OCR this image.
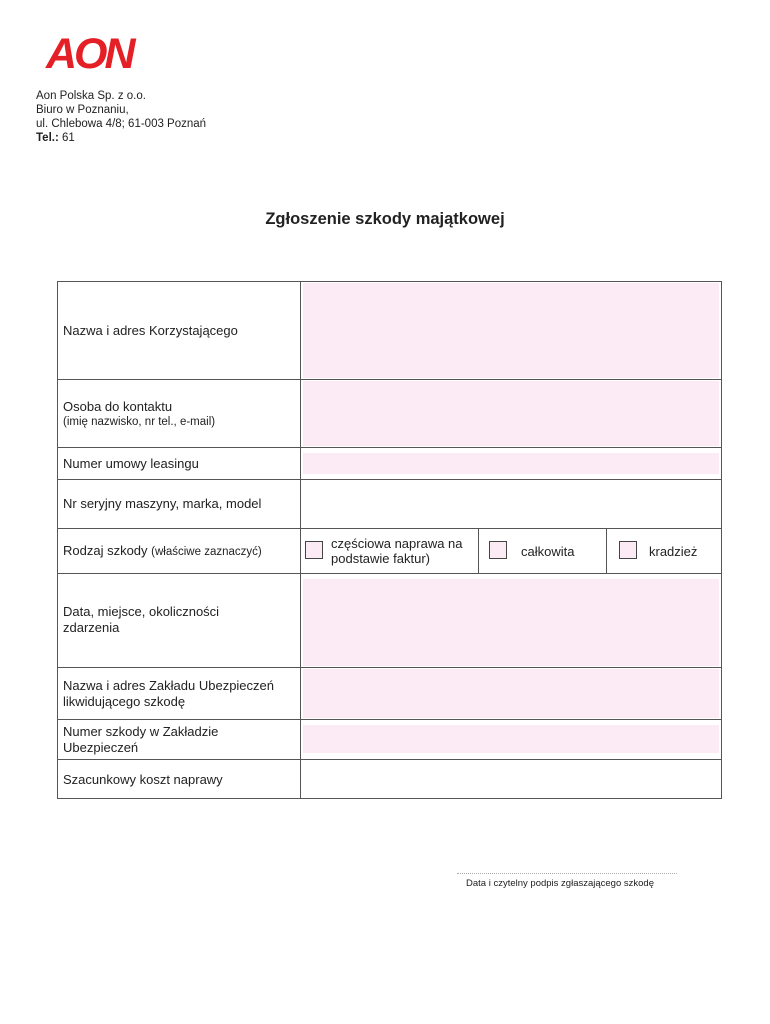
AON
Aon Polska Sp. z o.o.
Biuro w Poznaniu,
ul. Chlebowa 4/8; 61-003 Poznań
Tel.: 61
Zgłoszenie szkody majątkowej
Nazwa i adres Korzystającego
Osoba do kontaktu
(imię nazwisko, nr tel., e-mail)
Numer umowy leasingu
Nr seryjny maszyny, marka, model
Rodzaj szkody (właściwe zaznaczyć)
częściowa naprawa na
podstawie faktur)	całkowita	kradzież
Data, miejsce, okoliczności
zdarzenia
Nazwa i adres Zakładu Ubezpieczeń
likwidującego szkodę
Numer szkody w Zakładzie
Ubezpieczeń
Szacunkowy koszt naprawy
Data i czytelny podpis zgłaszającego szkodę
